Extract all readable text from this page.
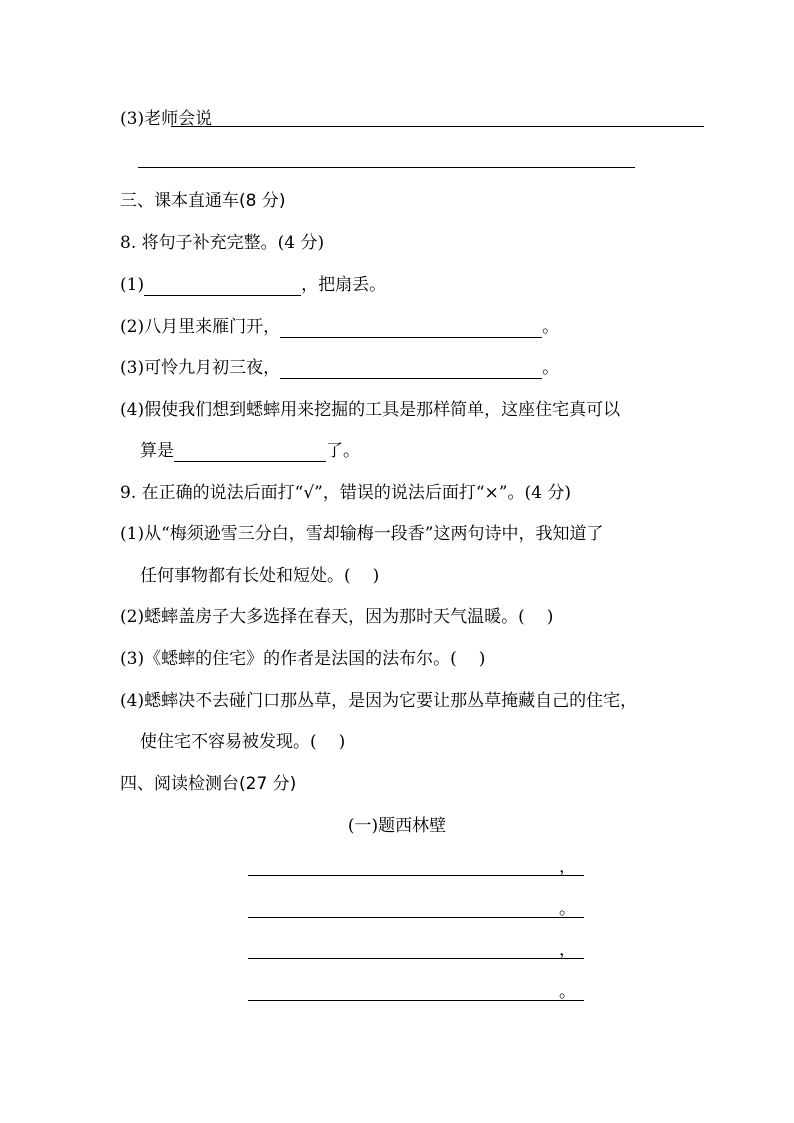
(3)老师会说
三、课本直通车(8 分)
8. 将句子补充完整。(4 分)
(1)	，把扇丢。
(2)八月里来雁门开，	。
(3)可怜九月初三夜，	。
(4)假使我们想到蟋蟀用来挖掘的工具是那样简单，这座住宅真可以
算是	了。
9. 在正确的说法后面打“√”，错误的说法后面打“×”。(4 分)
(1)从“梅须逊雪三分白，雪却输梅一段香”这两句诗中，我知道了
任何事物都有长处和短处。( )
(2)蟋蟀盖房子大多选择在春天，因为那时天气温暖。( )
(3)《蟋蟀的住宅》的作者是法国的法布尔。( )
(4)蟋蟀决不去碰门口那丛草，是因为它要让那丛草掩藏自己的住宅，
使住宅不容易被发现。( )
四、阅读检测台(27 分)
(一)题西林壁
，
。
，
。
